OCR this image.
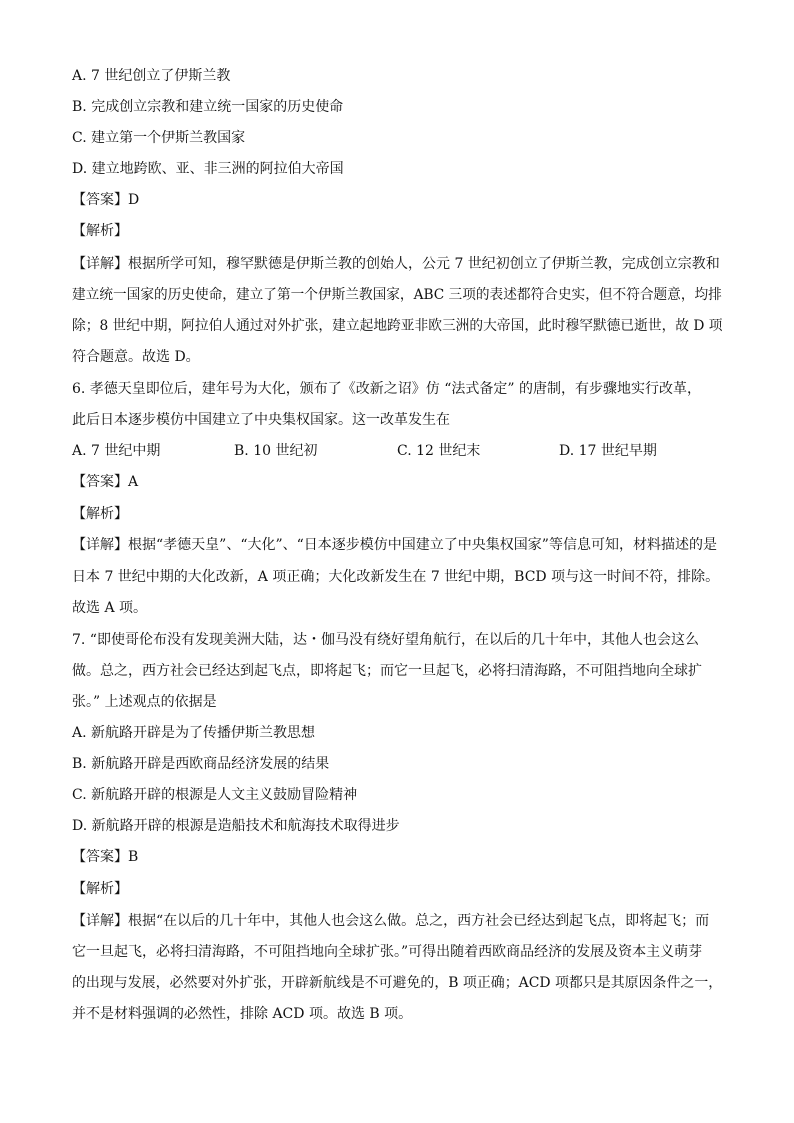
A. 7 世纪创立了伊斯兰教
B. 完成创立宗教和建立统一国家的历史使命
C. 建立第一个伊斯兰教国家
D. 建立地跨欧、亚、非三洲的阿拉伯大帝国
【答案】D
【解析】
【详解】根据所学可知，穆罕默德是伊斯兰教的创始人，公元 7 世纪初创立了伊斯兰教，完成创立宗教和
建立统一国家的历史使命，建立了第一个伊斯兰教国家，ABC 三项的表述都符合史实，但不符合题意，均排
除；8 世纪中期，阿拉伯人通过对外扩张，建立起地跨亚非欧三洲的大帝国，此时穆罕默德已逝世，故 D 项
符合题意。故选 D。
6. 孝德天皇即位后，建年号为大化，颁布了《改新之诏》仿 “法式备定” 的唐制，有步骤地实行改革，
此后日本逐步模仿中国建立了中央集权国家。这一改革发生在
A. 7 世纪中期	B. 10 世纪初	C. 12 世纪末	D. 17 世纪早期
【答案】A
【解析】
【详解】根据“孝德天皇”、“大化”、“日本逐步模仿中国建立了中央集权国家”等信息可知，材料描述的是
日本 7 世纪中期的大化改新，A 项正确；大化改新发生在 7 世纪中期，BCD 项与这一时间不符，排除。
故选 A 项。
7. “即使哥伦布没有发现美洲大陆，达・伽马没有绕好望角航行，在以后的几十年中，其他人也会这么
做。总之，西方社会已经达到起飞点，即将起飞；而它一旦起飞，必将扫清海路，不可阻挡地向全球扩
张。” 上述观点的依据是
A. 新航路开辟是为了传播伊斯兰教思想
B. 新航路开辟是西欧商品经济发展的结果
C. 新航路开辟的根源是人文主义鼓励冒险精神
D. 新航路开辟的根源是造船技术和航海技术取得进步
【答案】B
【解析】
【详解】根据“在以后的几十年中，其他人也会这么做。总之，西方社会已经达到起飞点，即将起飞；而
它一旦起飞，必将扫清海路，不可阻挡地向全球扩张。”可得出随着西欧商品经济的发展及资本主义萌芽
的出现与发展，必然要对外扩张，开辟新航线是不可避免的，B 项正确；ACD 项都只是其原因条件之一，
并不是材料强调的必然性，排除 ACD 项。故选 B 项。
